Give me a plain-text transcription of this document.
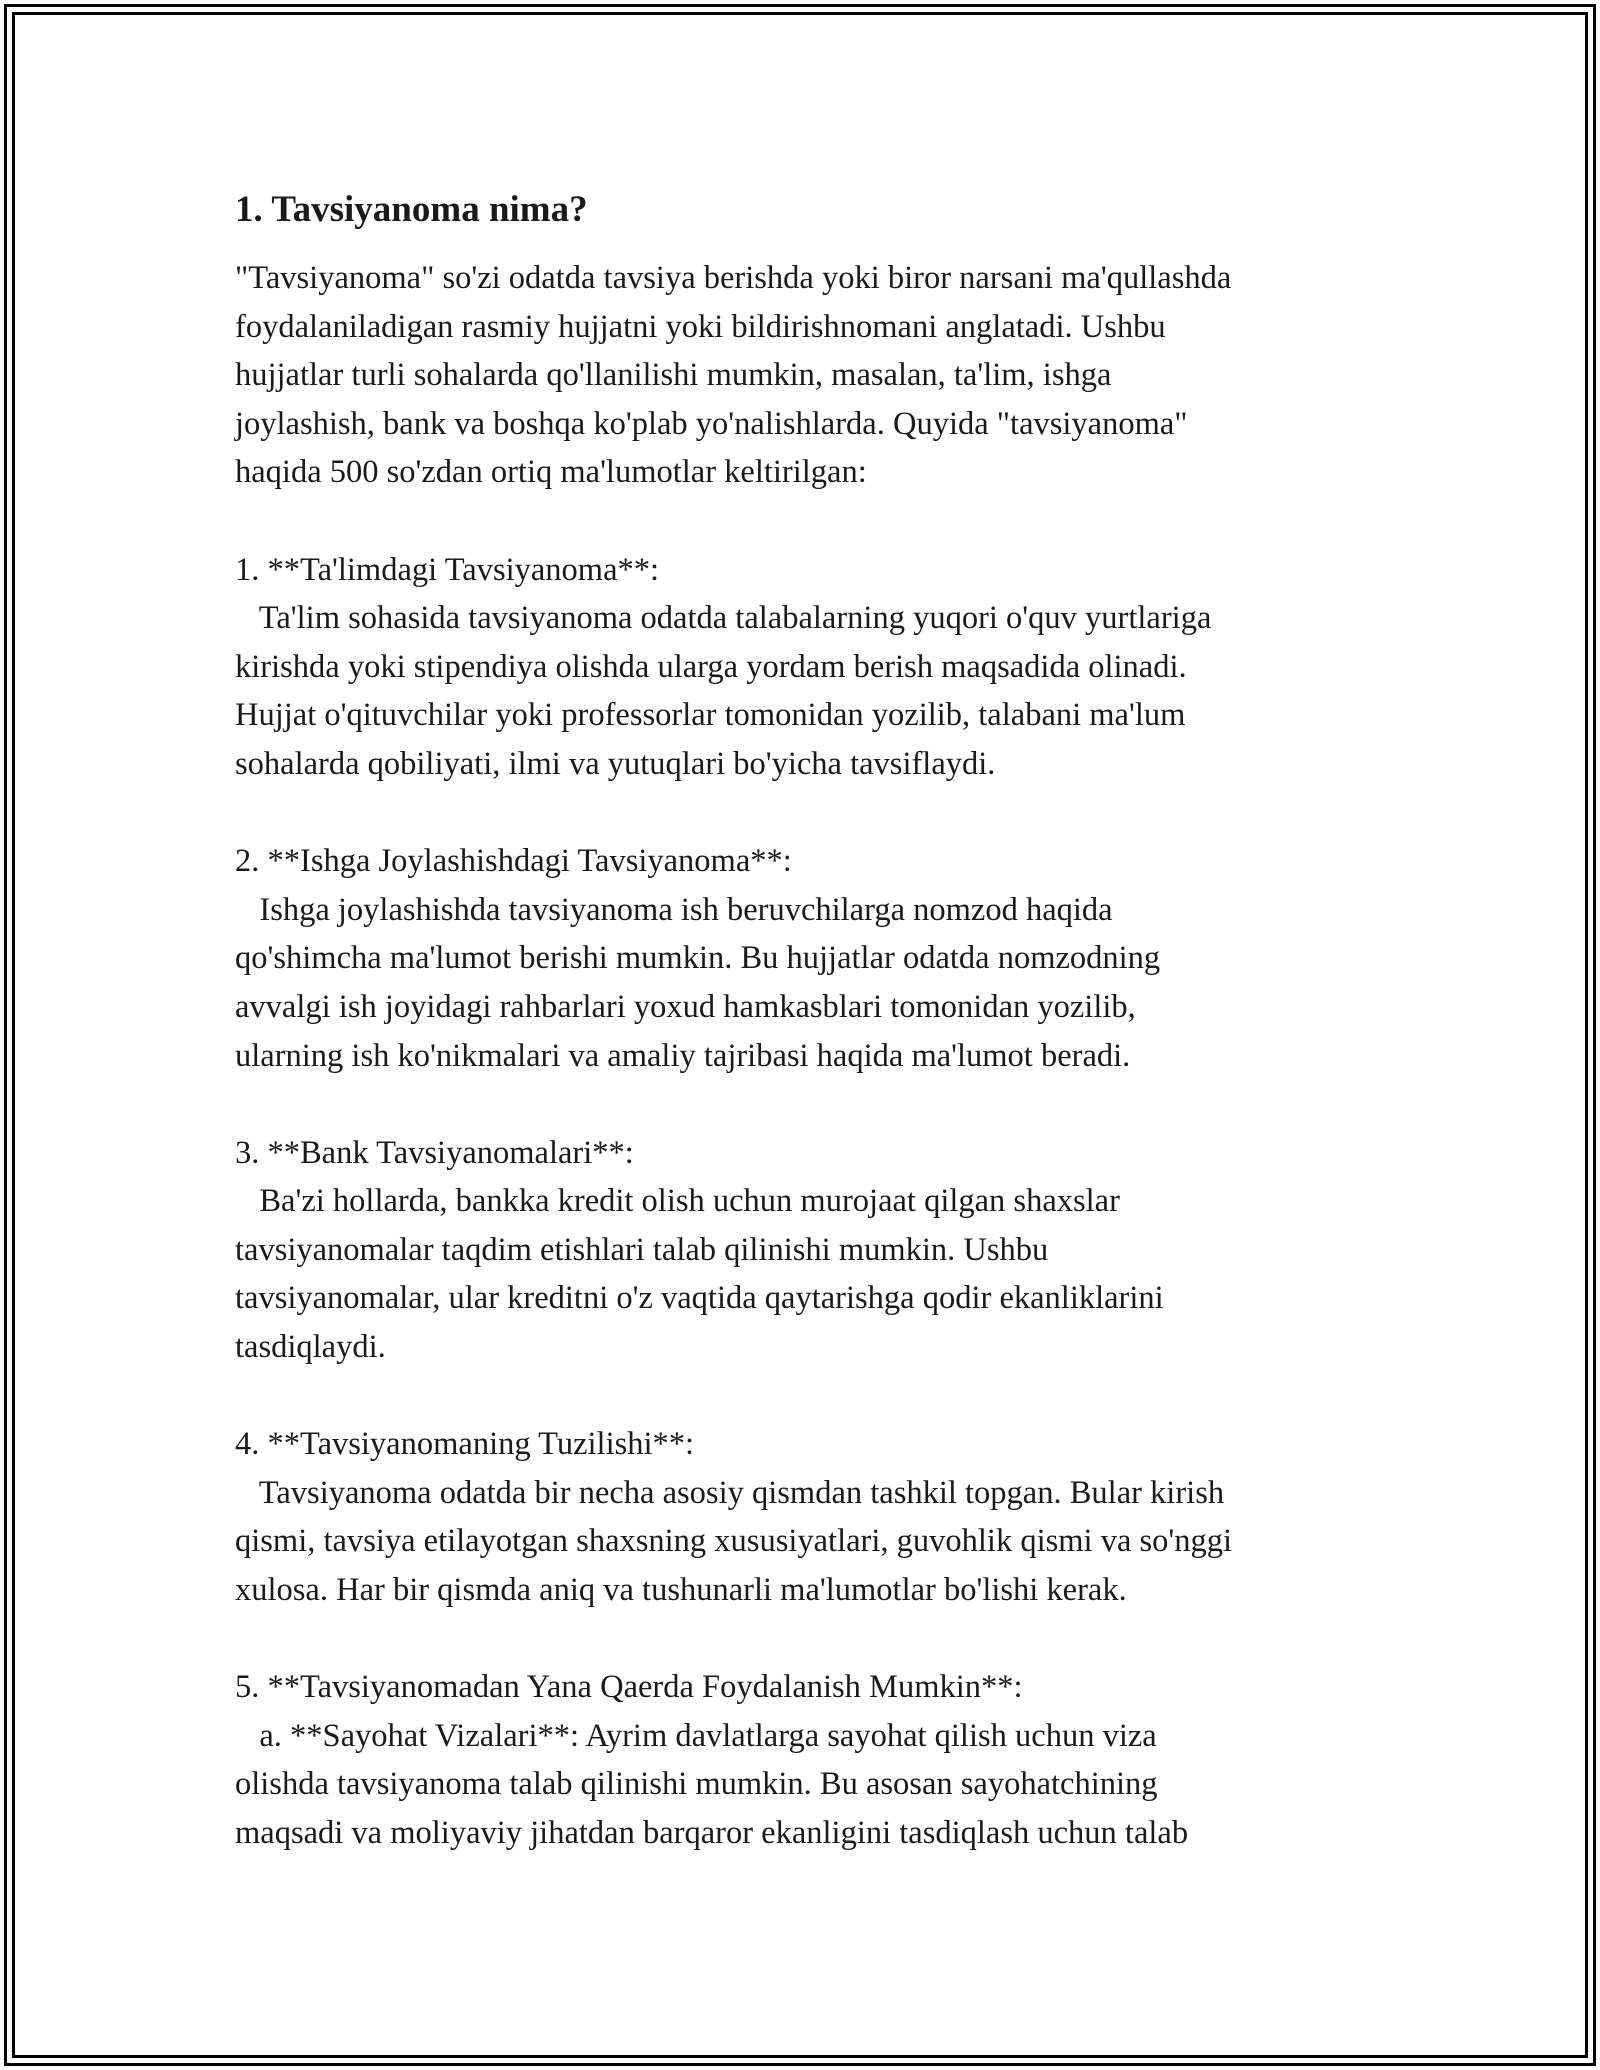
1. Tavsiyanoma nima?
"Tavsiyanoma" so'zi odatda tavsiya berishda yoki biror narsani ma'qullashda
foydalaniladigan rasmiy hujjatni yoki bildirishnomani anglatadi. Ushbu
hujjatlar turli sohalarda qo'llanilishi mumkin, masalan, ta'lim, ishga
joylashish, bank va boshqa ko'plab yo'nalishlarda. Quyida "tavsiyanoma"
haqida 500 so'zdan ortiq ma'lumotlar keltirilgan:
1. **Ta'limdagi Tavsiyanoma**:
Ta'lim sohasida tavsiyanoma odatda talabalarning yuqori o'quv yurtlariga
kirishda yoki stipendiya olishda ularga yordam berish maqsadida olinadi.
Hujjat o'qituvchilar yoki professorlar tomonidan yozilib, talabani ma'lum
sohalarda qobiliyati, ilmi va yutuqlari bo'yicha tavsiflaydi.
2. **Ishga Joylashishdagi Tavsiyanoma**:
Ishga joylashishda tavsiyanoma ish beruvchilarga nomzod haqida
qo'shimcha ma'lumot berishi mumkin. Bu hujjatlar odatda nomzodning
avvalgi ish joyidagi rahbarlari yoxud hamkasblari tomonidan yozilib,
ularning ish ko'nikmalari va amaliy tajribasi haqida ma'lumot beradi.
3. **Bank Tavsiyanomalari**:
Ba'zi hollarda, bankka kredit olish uchun murojaat qilgan shaxslar
tavsiyanomalar taqdim etishlari talab qilinishi mumkin. Ushbu
tavsiyanomalar, ular kreditni o'z vaqtida qaytarishga qodir ekanliklarini
tasdiqlaydi.
4. **Tavsiyanomaning Tuzilishi**:
Tavsiyanoma odatda bir necha asosiy qismdan tashkil topgan. Bular kirish
qismi, tavsiya etilayotgan shaxsning xususiyatlari, guvohlik qismi va so'nggi
xulosa. Har bir qismda aniq va tushunarli ma'lumotlar bo'lishi kerak.
5. **Tavsiyanomadan Yana Qaerda Foydalanish Mumkin**:
a. **Sayohat Vizalari**: Ayrim davlatlarga sayohat qilish uchun viza
olishda tavsiyanoma talab qilinishi mumkin. Bu asosan sayohatchining
maqsadi va moliyaviy jihatdan barqaror ekanligini tasdiqlash uchun talab
